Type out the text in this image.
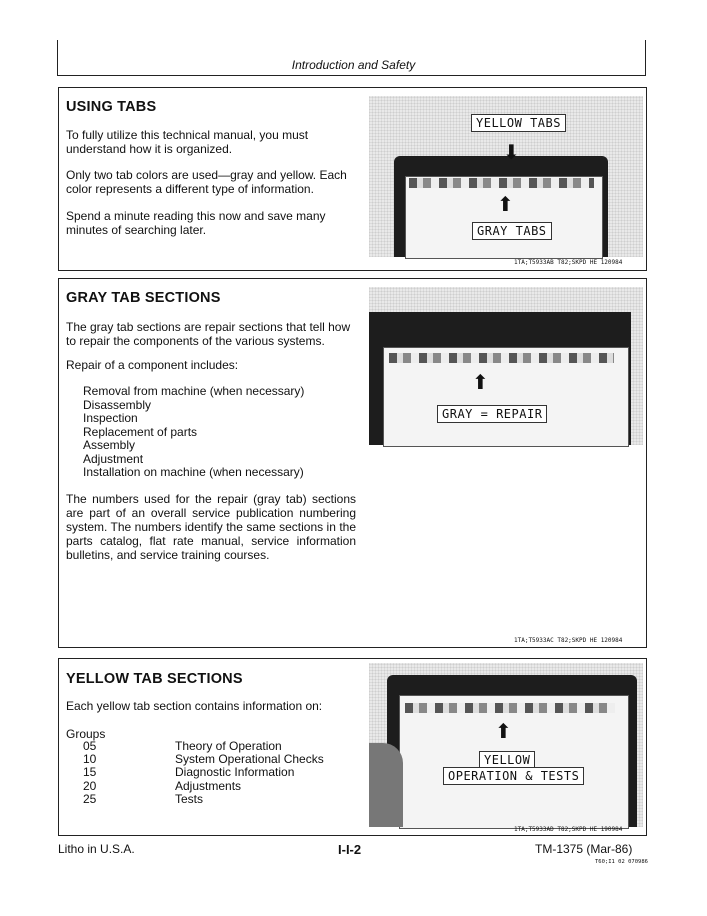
Introduction and Safety
USING TABS
To fully utilize this technical manual, you must understand how it is organized.
Only two tab colors are used—gray and yellow. Each color represents a different type of information.
Spend a minute reading this now and save many minutes of searching later.
YELLOW TABS
⬇
⬆
GRAY TABS
1TA;T5933AB T82;SKPD HE 120984
GRAY TAB SECTIONS
The gray tab sections are repair sections that tell how to repair the components of the various systems.
Repair of a component includes:
Removal from machine (when necessary)
Disassembly
Inspection
Replacement of parts
Assembly
Adjustment
Installation on machine (when necessary)
The numbers used for the repair (gray tab) sections are part of an overall service publication numbering system. The numbers identify the same sections in the parts catalog, flat rate manual, service information bulletins, and service training courses.
⬆
GRAY = REPAIR
1TA;T5933AC T82;SKPD HE 120984
YELLOW TAB SECTIONS
Each yellow tab section contains information on:
Groups
05	Theory of Operation
10	System Operational Checks
15	Diagnostic Information
20	Adjustments
25	Tests
⬆
YELLOW
OPERATION & TESTS
1TA;T5933AD T82;SKPD HE 190984
Litho in U.S.A.	I-I-2	TM-1375 (Mar-86)
T60;I1 02 070986
